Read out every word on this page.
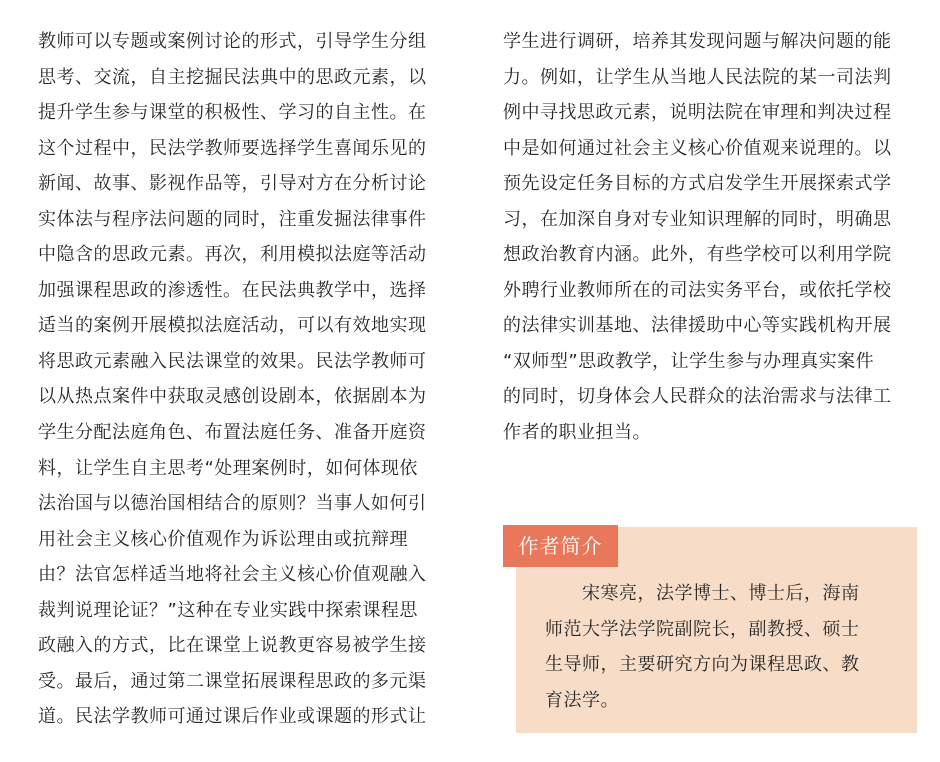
教师可以专题或案例讨论的形式，引导学生分组
思考、交流，自主挖掘民法典中的思政元素，以
提升学生参与课堂的积极性、学习的自主性。在
这个过程中，民法学教师要选择学生喜闻乐见的
新闻、故事、影视作品等，引导对方在分析讨论
实体法与程序法问题的同时，注重发掘法律事件
中隐含的思政元素。再次，利用模拟法庭等活动
加强课程思政的渗透性。在民法典教学中，选择
适当的案例开展模拟法庭活动，可以有效地实现
将思政元素融入民法课堂的效果。民法学教师可
以从热点案件中获取灵感创设剧本，依据剧本为
学生分配法庭角色、布置法庭任务、准备开庭资
料，让学生自主思考“处理案例时，如何体现依
法治国与以德治国相结合的原则？当事人如何引
用社会主义核心价值观作为诉讼理由或抗辩理
由？法官怎样适当地将社会主义核心价值观融入
裁判说理论证？”这种在专业实践中探索课程思
政融入的方式，比在课堂上说教更容易被学生接
受。最后，通过第二课堂拓展课程思政的多元渠
道。民法学教师可通过课后作业或课题的形式让
学生进行调研，培养其发现问题与解决问题的能
力。例如，让学生从当地人民法院的某一司法判
例中寻找思政元素，说明法院在审理和判决过程
中是如何通过社会主义核心价值观来说理的。以
预先设定任务目标的方式启发学生开展探索式学
习，在加深自身对专业知识理解的同时，明确思
想政治教育内涵。此外，有些学校可以利用学院
外聘行业教师所在的司法实务平台，或依托学校
的法律实训基地、法律援助中心等实践机构开展
“双师型”思政教学，让学生参与办理真实案件
的同时，切身体会人民群众的法治需求与法律工
作者的职业担当。
作者简介
　　宋寒亮，法学博士、博士后，海南
师范大学法学院副院长，副教授、硕士
生导师，主要研究方向为课程思政、教
育法学。
